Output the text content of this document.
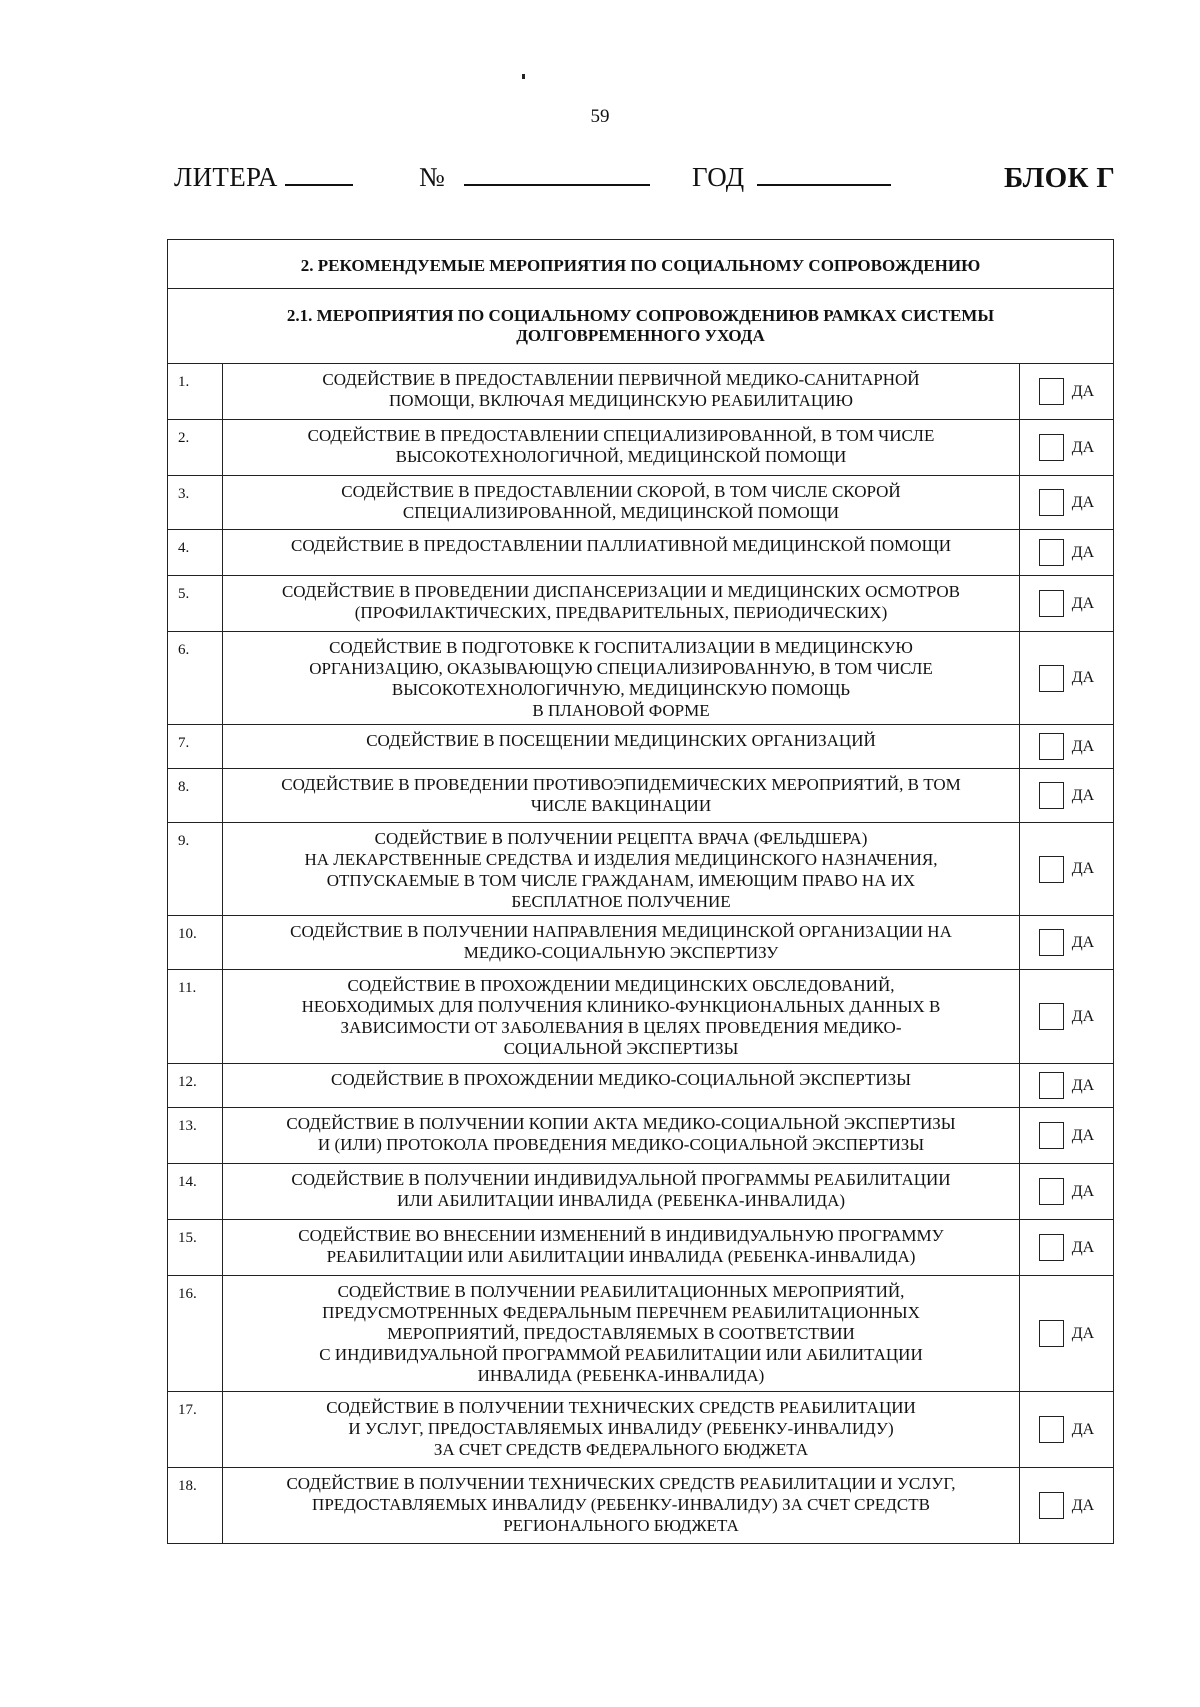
59
ЛИТЕРА	№	ГОД	БЛОК Г
2. РЕКОМЕНДУЕМЫЕ МЕРОПРИЯТИЯ ПО СОЦИАЛЬНОМУ СОПРОВОЖДЕНИЮ		
2.1. МЕРОПРИЯТИЯ ПО СОЦИАЛЬНОМУ СОПРОВОЖДЕНИЮВ РАМКАХ СИСТЕМЫ ДОЛГОВРЕМЕННОГО УХОДА		
1.	СОДЕЙСТВИЕ В ПРЕДОСТАВЛЕНИИ ПЕРВИЧНОЙ МЕДИКО-САНИТАРНОЙ
ПОМОЩИ, ВКЛЮЧАЯ МЕДИЦИНСКУЮ РЕАБИЛИТАЦИЮ	ДА

2.	СОДЕЙСТВИЕ В ПРЕДОСТАВЛЕНИИ СПЕЦИАЛИЗИРОВАННОЙ, В ТОМ ЧИСЛЕ
ВЫСОКОТЕХНОЛОГИЧНОЙ, МЕДИЦИНСКОЙ ПОМОЩИ	ДА

3.	СОДЕЙСТВИЕ В ПРЕДОСТАВЛЕНИИ СКОРОЙ, В ТОМ ЧИСЛЕ СКОРОЙ
СПЕЦИАЛИЗИРОВАННОЙ, МЕДИЦИНСКОЙ ПОМОЩИ	ДА

4.	СОДЕЙСТВИЕ В ПРЕДОСТАВЛЕНИИ ПАЛЛИАТИВНОЙ МЕДИЦИНСКОЙ ПОМОЩИ	ДА

5.	СОДЕЙСТВИЕ В ПРОВЕДЕНИИ ДИСПАНСЕРИЗАЦИИ И МЕДИЦИНСКИХ ОСМОТРОВ
(ПРОФИЛАКТИЧЕСКИХ, ПРЕДВАРИТЕЛЬНЫХ, ПЕРИОДИЧЕСКИХ)	ДА

6.	СОДЕЙСТВИЕ В ПОДГОТОВКЕ К ГОСПИТАЛИЗАЦИИ В МЕДИЦИНСКУЮ
ОРГАНИЗАЦИЮ, ОКАЗЫВАЮЩУЮ СПЕЦИАЛИЗИРОВАННУЮ, В ТОМ ЧИСЛЕ
ВЫСОКОТЕХНОЛОГИЧНУЮ, МЕДИЦИНСКУЮ ПОМОЩЬ
В ПЛАНОВОЙ ФОРМЕ	ДА

7.	СОДЕЙСТВИЕ В ПОСЕЩЕНИИ МЕДИЦИНСКИХ ОРГАНИЗАЦИЙ	ДА

8.	СОДЕЙСТВИЕ В ПРОВЕДЕНИИ ПРОТИВОЭПИДЕМИЧЕСКИХ МЕРОПРИЯТИЙ, В ТОМ
ЧИСЛЕ ВАКЦИНАЦИИ	ДА

9.	СОДЕЙСТВИЕ В ПОЛУЧЕНИИ РЕЦЕПТА ВРАЧА (ФЕЛЬДШЕРА)
НА ЛЕКАРСТВЕННЫЕ СРЕДСТВА И ИЗДЕЛИЯ МЕДИЦИНСКОГО НАЗНАЧЕНИЯ,
ОТПУСКАЕМЫЕ В ТОМ ЧИСЛЕ ГРАЖДАНАМ, ИМЕЮЩИМ ПРАВО НА ИХ
БЕСПЛАТНОЕ ПОЛУЧЕНИЕ	ДА

10.	СОДЕЙСТВИЕ В ПОЛУЧЕНИИ НАПРАВЛЕНИЯ МЕДИЦИНСКОЙ ОРГАНИЗАЦИИ НА
МЕДИКО-СОЦИАЛЬНУЮ ЭКСПЕРТИЗУ	ДА

11.	СОДЕЙСТВИЕ В ПРОХОЖДЕНИИ МЕДИЦИНСКИХ ОБСЛЕДОВАНИЙ,
НЕОБХОДИМЫХ ДЛЯ ПОЛУЧЕНИЯ КЛИНИКО-ФУНКЦИОНАЛЬНЫХ ДАННЫХ В
ЗАВИСИМОСТИ ОТ ЗАБОЛЕВАНИЯ В ЦЕЛЯХ ПРОВЕДЕНИЯ МЕДИКО-
СОЦИАЛЬНОЙ ЭКСПЕРТИЗЫ	ДА

12.	СОДЕЙСТВИЕ В ПРОХОЖДЕНИИ МЕДИКО-СОЦИАЛЬНОЙ ЭКСПЕРТИЗЫ	ДА

13.	СОДЕЙСТВИЕ В ПОЛУЧЕНИИ КОПИИ АКТА МЕДИКО-СОЦИАЛЬНОЙ ЭКСПЕРТИЗЫ
И (ИЛИ) ПРОТОКОЛА ПРОВЕДЕНИЯ МЕДИКО-СОЦИАЛЬНОЙ ЭКСПЕРТИЗЫ	ДА

14.	СОДЕЙСТВИЕ В ПОЛУЧЕНИИ ИНДИВИДУАЛЬНОЙ ПРОГРАММЫ РЕАБИЛИТАЦИИ
ИЛИ АБИЛИТАЦИИ ИНВАЛИДА (РЕБЕНКА-ИНВАЛИДА)	ДА

15.	СОДЕЙСТВИЕ ВО ВНЕСЕНИИ ИЗМЕНЕНИЙ В ИНДИВИДУАЛЬНУЮ ПРОГРАММУ
РЕАБИЛИТАЦИИ ИЛИ АБИЛИТАЦИИ ИНВАЛИДА (РЕБЕНКА-ИНВАЛИДА)	ДА

16.	СОДЕЙСТВИЕ В ПОЛУЧЕНИИ РЕАБИЛИТАЦИОННЫХ МЕРОПРИЯТИЙ,
ПРЕДУСМОТРЕННЫХ ФЕДЕРАЛЬНЫМ ПЕРЕЧНЕМ РЕАБИЛИТАЦИОННЫХ
МЕРОПРИЯТИЙ, ПРЕДОСТАВЛЯЕМЫХ В СООТВЕТСТВИИ
С ИНДИВИДУАЛЬНОЙ ПРОГРАММОЙ РЕАБИЛИТАЦИИ ИЛИ АБИЛИТАЦИИ
ИНВАЛИДА (РЕБЕНКА-ИНВАЛИДА)	ДА

17.	СОДЕЙСТВИЕ В ПОЛУЧЕНИИ ТЕХНИЧЕСКИХ СРЕДСТВ РЕАБИЛИТАЦИИ
И УСЛУГ, ПРЕДОСТАВЛЯЕМЫХ ИНВАЛИДУ (РЕБЕНКУ-ИНВАЛИДУ)
ЗА СЧЕТ СРЕДСТВ ФЕДЕРАЛЬНОГО БЮДЖЕТА	ДА

18.	СОДЕЙСТВИЕ В ПОЛУЧЕНИИ ТЕХНИЧЕСКИХ СРЕДСТВ РЕАБИЛИТАЦИИ И УСЛУГ,
ПРЕДОСТАВЛЯЕМЫХ ИНВАЛИДУ (РЕБЕНКУ-ИНВАЛИДУ) ЗА СЧЕТ СРЕДСТВ
РЕГИОНАЛЬНОГО БЮДЖЕТА	ДА
